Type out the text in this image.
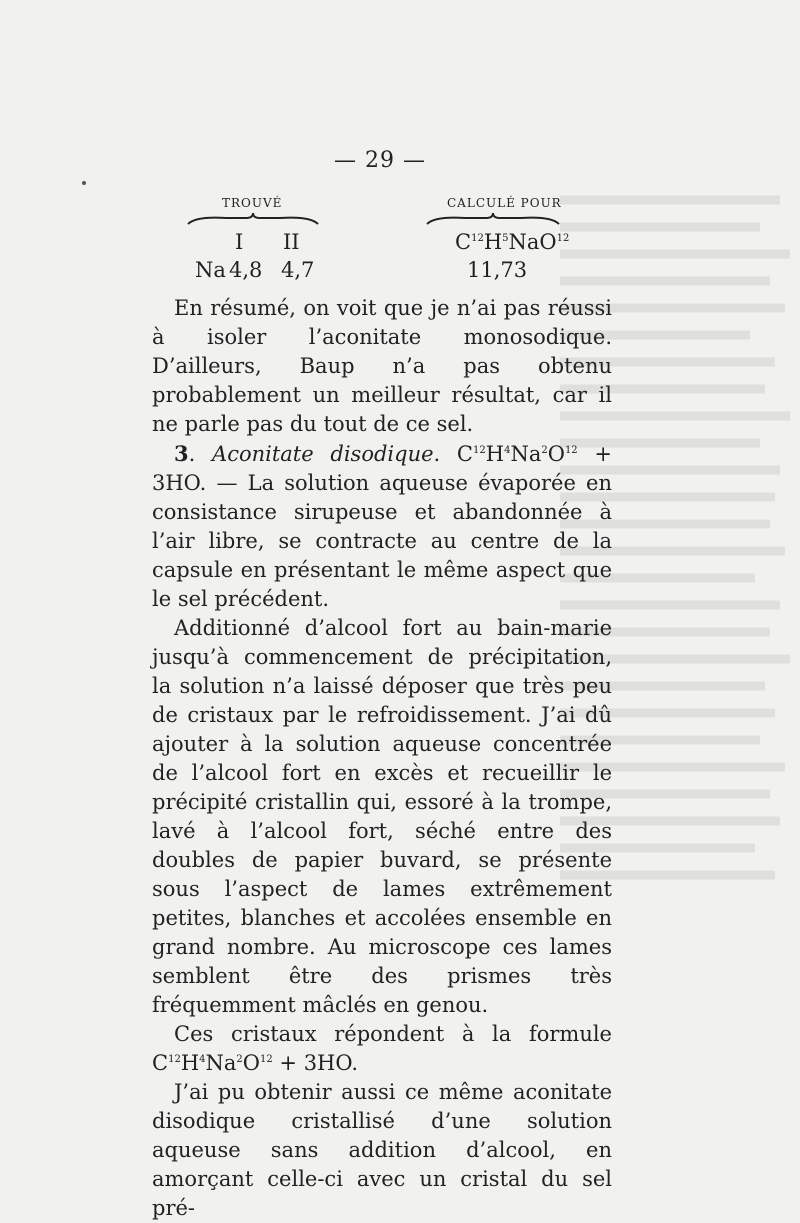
— 29 —
TROUVÉ	CALCULÉ POUR
I II	$C^{12}H^5NaO^{12}$
Na 4,8 4,7	11,73

En résumé, on voit que je n’ai pas réussi à isoler l’aconitate monosodique. D’ailleurs, Baup n’a pas obtenu probablement un meilleur résultat, car il ne parle pas du tout de ce sel.

3. Aconitate disodique. $C^{12}H^4Na^2O^{12} + 3HO$. — La solution aqueuse évaporée en consistance sirupeuse et abandonnée à l’air libre, se contracte au centre de la capsule en présentant le même aspect que le sel précédent.

Additionné d’alcool fort au bain-marie jusqu’à commencement de précipitation, la solution n’a laissé déposer que très peu de cristaux par le refroidissement. J’ai dû ajouter à la solution aqueuse concentrée de l’alcool fort en excès et recueillir le précipité cristallin qui, essoré à la trompe, lavé à l’alcool fort, séché entre des doubles de papier buvard, se présente sous l’aspect de lames extrêmement petites, blanches et accolées ensemble en grand nombre. Au microscope ces lames semblent être des prismes très fréquemment mâclés en genou.

Ces cristaux répondent à la formule $C^{12}H^4Na^2O^{12} + 3HO$.

J’ai pu obtenir aussi ce même aconitate disodique cristallisé d’une solution aqueuse sans addition d’alcool, en amorçant celle-ci avec un cristal du sel pré-
